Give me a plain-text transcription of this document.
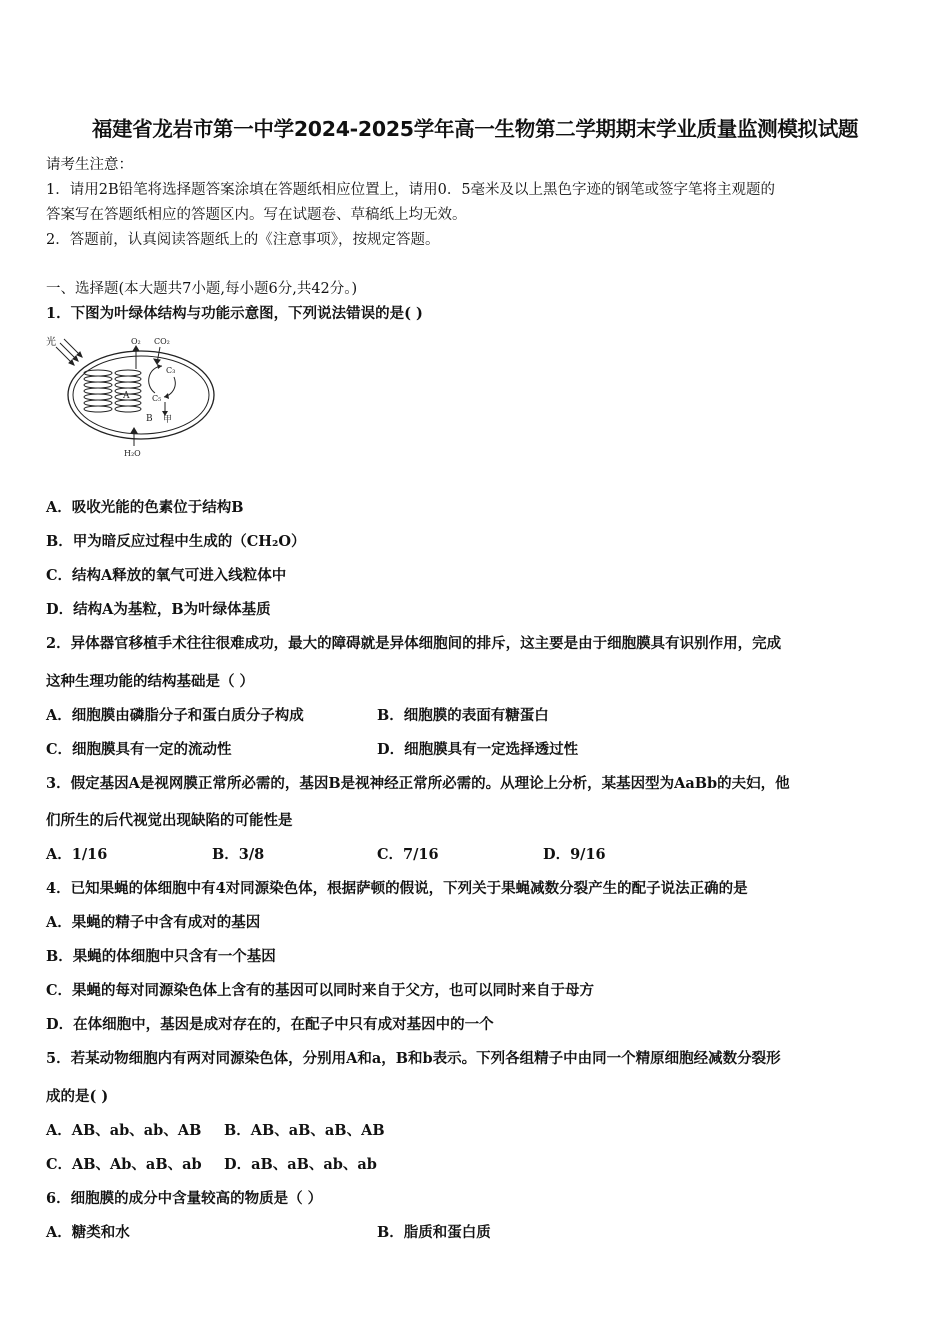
福建省龙岩市第一中学2024-2025学年高一生物第二学期期末学业质量监测模拟试题
请考生注意：
1．请用2B铅笔将选择题答案涂填在答题纸相应位置上，请用0．5毫米及以上黑色字迹的钢笔或签字笔将主观题的
答案写在答题纸相应的答题区内。写在试题卷、草稿纸上均无效。
2．答题前，认真阅读答题纸上的《注意事项》，按规定答题。
一、选择题(本大题共7小题,每小题6分,共42分。)
1．下图为叶绿体结构与功能示意图，下列说法错误的是( )
光
A
O₂ CO₂
C₃
C₅
B 甲
H₂O
A．吸收光能的色素位于结构B
B．甲为暗反应过程中生成的（CH₂O）
C．结构A释放的氧气可进入线粒体中
D．结构A为基粒，B为叶绿体基质
2．异体器官移植手术往往很难成功，最大的障碍就是异体细胞间的排斥，这主要是由于细胞膜具有识别作用，完成
这种生理功能的结构基础是（ ）
A．细胞膜由磷脂分子和蛋白质分子构成	B．细胞膜的表面有糖蛋白
C．细胞膜具有一定的流动性	D．细胞膜具有一定选择透过性
3．假定基因A是视网膜正常所必需的，基因B是视神经正常所必需的。从理论上分析，某基因型为AaBb的夫妇，他
们所生的后代视觉出现缺陷的可能性是
A．1/16	B．3/8	C．7/16	D．9/16
4．已知果蝇的体细胞中有4对同源染色体，根据萨顿的假说，下列关于果蝇减数分裂产生的配子说法正确的是
A．果蝇的精子中含有成对的基因
B．果蝇的体细胞中只含有一个基因
C．果蝇的每对同源染色体上含有的基因可以同时来自于父方，也可以同时来自于母方
D．在体细胞中，基因是成对存在的，在配子中只有成对基因中的一个
5．若某动物细胞内有两对同源染色体，分别用A和a，B和b表示。下列各组精子中由同一个精原细胞经减数分裂形
成的是( )
A．AB、ab、ab、AB B．AB、aB、aB、AB
C．AB、Ab、aB、ab D．aB、aB、ab、ab
6．细胞膜的成分中含量较高的物质是（ ）
A．糖类和水	B．脂质和蛋白质
